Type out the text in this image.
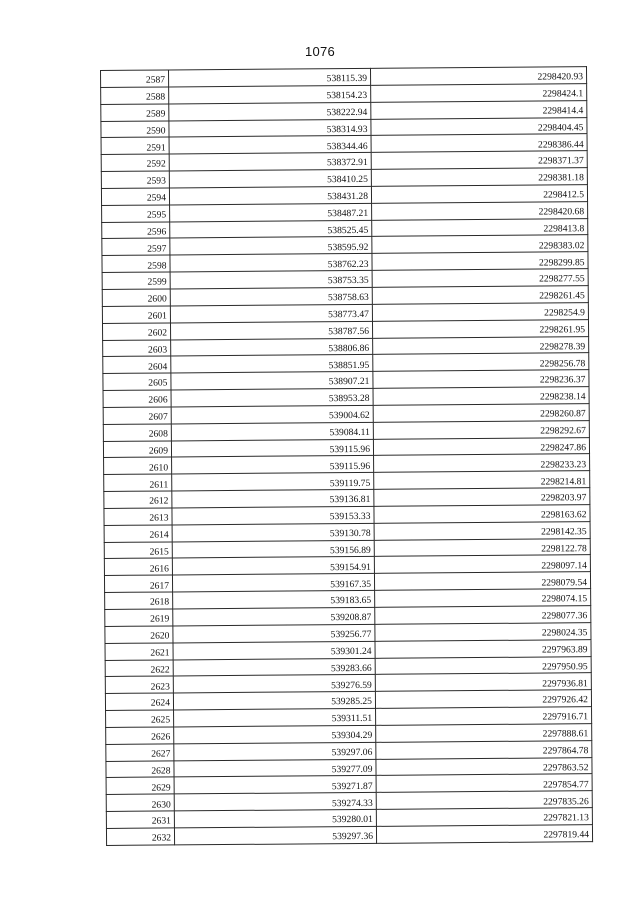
1076
2587	538115.39	2298420.93
2588	538154.23	2298424.1
2589	538222.94	2298414.4
2590	538314.93	2298404.45
2591	538344.46	2298386.44
2592	538372.91	2298371.37
2593	538410.25	2298381.18
2594	538431.28	2298412.5
2595	538487.21	2298420.68
2596	538525.45	2298413.8
2597	538595.92	2298383.02
2598	538762.23	2298299.85
2599	538753.35	2298277.55
2600	538758.63	2298261.45
2601	538773.47	2298254.9
2602	538787.56	2298261.95
2603	538806.86	2298278.39
2604	538851.95	2298256.78
2605	538907.21	2298236.37
2606	538953.28	2298238.14
2607	539004.62	2298260.87
2608	539084.11	2298292.67
2609	539115.96	2298247.86
2610	539115.96	2298233.23
2611	539119.75	2298214.81
2612	539136.81	2298203.97
2613	539153.33	2298163.62
2614	539130.78	2298142.35
2615	539156.89	2298122.78
2616	539154.91	2298097.14
2617	539167.35	2298079.54
2618	539183.65	2298074.15
2619	539208.87	2298077.36
2620	539256.77	2298024.35
2621	539301.24	2297963.89
2622	539283.66	2297950.95
2623	539276.59	2297936.81
2624	539285.25	2297926.42
2625	539311.51	2297916.71
2626	539304.29	2297888.61
2627	539297.06	2297864.78
2628	539277.09	2297863.52
2629	539271.87	2297854.77
2630	539274.33	2297835.26
2631	539280.01	2297821.13
2632	539297.36	2297819.44
